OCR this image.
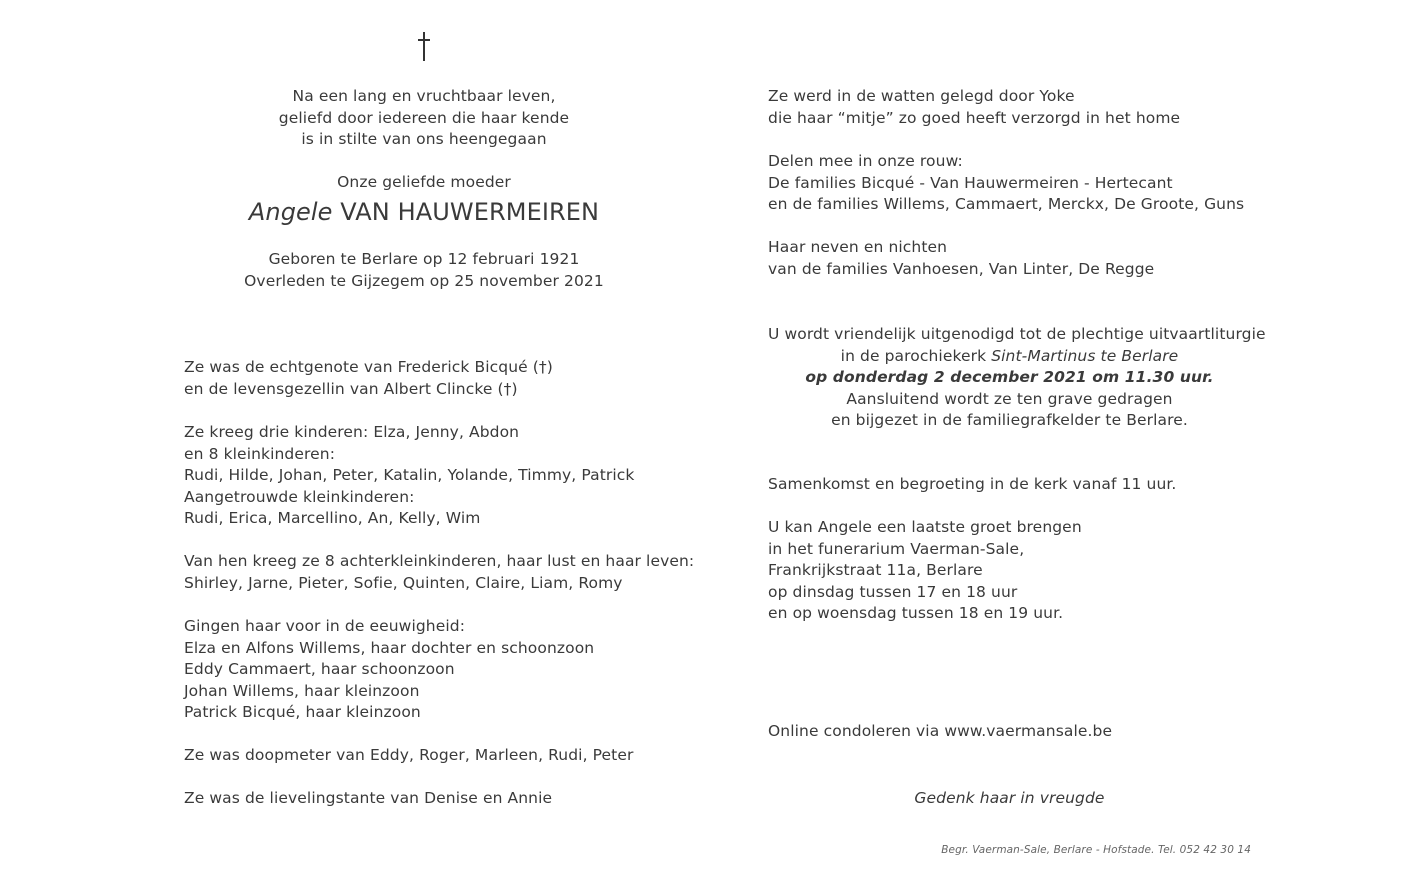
Na een lang en vruchtbaar leven,
geliefd door iedereen die haar kende
is in stilte van ons heengegaan
Onze geliefde moeder
Angele VAN HAUWERMEIREN
Geboren te Berlare op 12 februari 1921
Overleden te Gijzegem op 25 november 2021
Ze was de echtgenote van Frederick Bicqué (†)
en de levensgezellin van Albert Clincke (†)
Ze kreeg drie kinderen: Elza, Jenny, Abdon
en 8 kleinkinderen:
Rudi, Hilde, Johan, Peter, Katalin, Yolande, Timmy, Patrick
Aangetrouwde kleinkinderen:
Rudi, Erica, Marcellino, An, Kelly, Wim
Van hen kreeg ze 8 achterkleinkinderen, haar lust en haar leven:
Shirley, Jarne, Pieter, Sofie, Quinten, Claire, Liam, Romy
Gingen haar voor in de eeuwigheid:
Elza en Alfons Willems, haar dochter en schoonzoon
Eddy Cammaert, haar schoonzoon
Johan Willems, haar kleinzoon
Patrick Bicqué, haar kleinzoon
Ze was doopmeter van Eddy, Roger, Marleen, Rudi, Peter
Ze was de lievelingstante van Denise en Annie
Ze werd in de watten gelegd door Yoke
die haar “mitje” zo goed heeft verzorgd in het home
Delen mee in onze rouw:
De families Bicqué - Van Hauwermeiren - Hertecant
en de families Willems, Cammaert, Merckx, De Groote, Guns
Haar neven en nichten
van de families Vanhoesen, Van Linter, De Regge
U wordt vriendelijk uitgenodigd tot de plechtige uitvaartliturgie
in de parochiekerk Sint-Martinus te Berlare
op donderdag 2 december 2021 om 11.30 uur.
Aansluitend wordt ze ten grave gedragen
en bijgezet in de familiegrafkelder te Berlare.
Samenkomst en begroeting in de kerk vanaf 11 uur.
U kan Angele een laatste groet brengen
in het funerarium Vaerman-Sale,
Frankrijkstraat 11a, Berlare
op dinsdag tussen 17 en 18 uur
en op woensdag tussen 18 en 19 uur.
Online condoleren via www.vaermansale.be
Gedenk haar in vreugde
Begr. Vaerman-Sale, Berlare - Hofstade. Tel. 052 42 30 14
